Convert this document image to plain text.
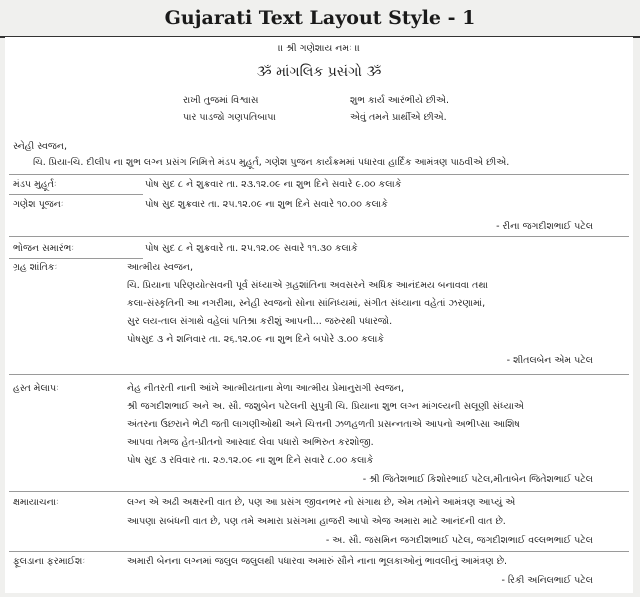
Gujarati Text Layout Style - 1
।। શ્રી ગણેશાય નમઃ ।।
ૐ માંગલિક પ્રસંગો ૐ
રાખી તુજમાં વિશ્વાસ	શુભ કાર્ય આરંભીયે છીએ.
પાર પાડજો ગણપતિબાપા	એવું તમને પ્રાર્થીએ છીએ.
સ્નેહી સ્વજન,
ચિ. પ્રિયા-ચિ. દીલીપ ના શુભ લગ્ન પ્રસંગ નિમિત્તે મંડપ મુહૂર્ત, ગણેશ પુજન કાર્યક્રમમાં પધારવા હાર્દિક આમંત્રણ પાઠવીએ છીએ.
મંડપ મુહૂર્તઃ	પોષ સુદ ૮ ને શુક્રવાર તા. ૨૩.૧૨.૦૯ ના શુભ દિને સવારે ૯.૦૦ કલાકે
ગણેશ પૂજનઃ	પોષ સુદ શુક્રવાર તા. ૨૫.૧૨.૦૯ ના શુભ દિને સવારે ૧૦.૦૦ કલાકે
- રીના જગદીશભાઈ પટેલ
ભોજન સમારંભઃ	પોષ સુદ ૮ ને શુક્રવારે તા. ૨૫.૧૨.૦૯ સવારે ૧૧.૩૦ કલાકે
ગ્રહ શાંતિકઃ	આત્મીય સ્વજન,
ચિ. પ્રિયાના પરિણયોત્સવની પૂર્વ સંધ્યાએ ગ્રહશાંતિના અવસરને અધિક આનંદમય બનાવવા તથા
કલા-સંસ્કૃતિની આ નગરીમા, સ્નેહી સ્વજનો સોના સાંનિધ્યમાં, સંગીત સંધ્યાના વહેતાં ઝરણામાં,
સુર લય-તાલ સંગાથે વહેલાં પતિશ્રા કરીશું આપની... જરુરથી પધારજો.
પોષસુદ ૩ ને શનિવાર તા. ૨૬.૧૨.૦૯ ના શુભ દિને બપોરે ૩.૦૦ કલાકે
- શીતલબેન એમ પટેલ
હસ્ત મેલાપઃ	નેહ નીતરતી નાની આંખે આત્મીયતાના મેળા આત્મીય પ્રેમાનુરાગી સ્વજન,
શ્રી જગદીશભાઈ અને અ. સૌ. જશુબેન પટેલની સુપુત્રી ચિ. પ્રિયાના શુભ લગ્ન માંગલ્યની સલૂણી સંધ્યાએ
અંતરના ઉછરાને ભેટી જતી લાગણીઓથી અને ચિત્તની ઝળહળતી પ્રસન્નતાએ આપનો અભીપ્સા આશિષ
આપવા તેમજ હેત-પ્રીતનો આસ્વાદ લેવા પધારો અભિરુત કરશોજી.
પોષ સુદ ૩ રવિવાર તા. ૨૭.૧૨.૦૯ ના શુભ દિને સવારે ૮.૦૦ કલાકે
- શ્રી જિતેશભાઈ કિશોરભાઈ પટેલ,મીતાબેન જિતેશભાઈ પટેલ
ક્ષમાયાચનાઃ	લગ્ન એ અઢી અક્ષરની વાત છે, પણ આ પ્રસંગ જીવનભર નો સંગાથ છે, એમ તમોને આમંત્રણ આપ્યું એ
આપણા સબંધની વાત છે, પણ તમે અમારા પ્રસંગમા હાજરી આપો એજ અમારા માટે આનંદની વાત છે.
- અ. સૌ. જસમિન જગદીશભાઈ પટેલ, જગદીશભાઈ વલ્લભભાઈ પટેલ
ફૂલડાના ફરમાઈશઃ	અમારી બેનના લગ્નમાં જલુલ જલુલથી પધારવા અમારું સૌને નાના ભૂલકાઓનું ભાવલીનું આમંત્રણ છે.
- રિકી અનિલભાઈ પટેલ
